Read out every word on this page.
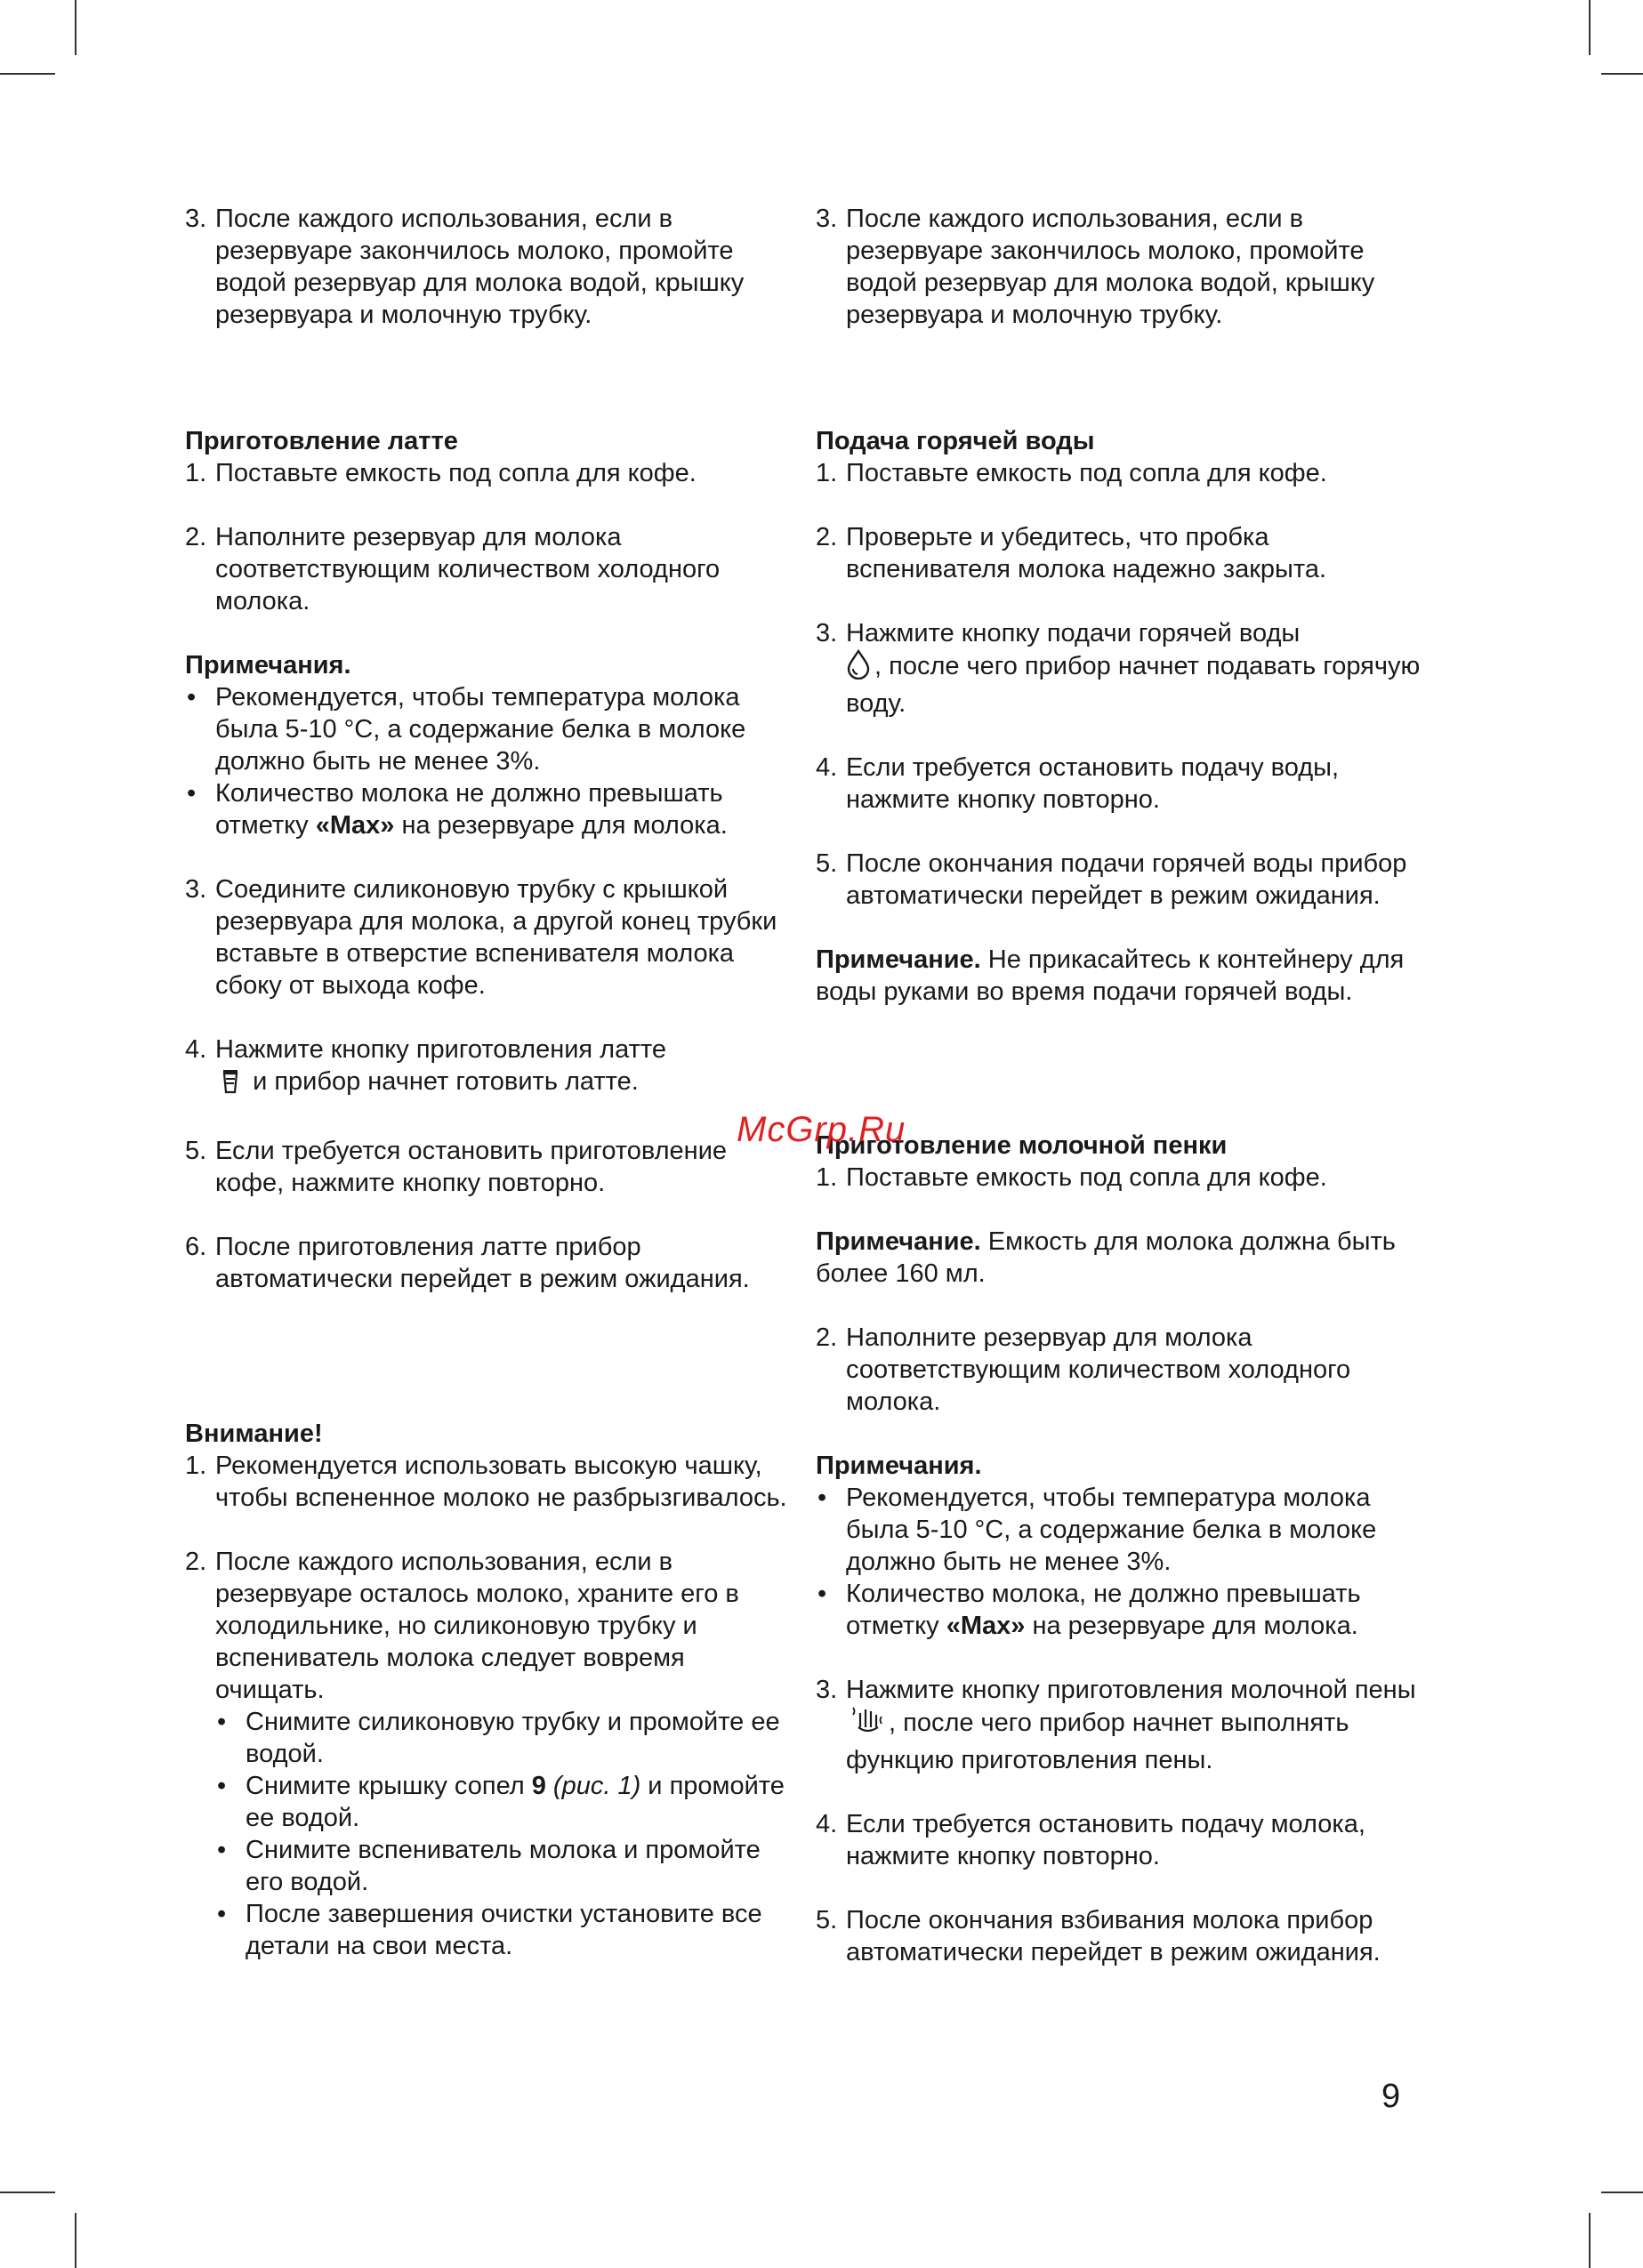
3. После каждого использования, если в резервуаре закончилось молоко, промойте водой резервуар для молока водой, крышку резервуара и молочную трубку.
Приготовление латте
1. Поставьте емкость под сопла для кофе.
2. Наполните резервуар для молока соответствующим количеством холодного молока.
Примечания.
• Рекомендуется, чтобы температура молока была 5-10 °С, а содержание белка в молоке должно быть не менее 3%.
• Количество молока не должно превышать отметку «Max» на резервуаре для молока.
3. Соедините силиконовую трубку с крышкой резервуара для молока, а другой конец трубки вставьте в отверстие вспенивателя молока сбоку от выхода кофе.
4. Нажмите кнопку приготовления латте
и прибор начнет готовить латте.
5. Если требуется остановить приготовление кофе, нажмите кнопку повторно.
6. После приготовления латте прибор автоматически перейдет в режим ожидания.
Внимание!
1. Рекомендуется использовать высокую чашку, чтобы вспененное молоко не разбрызгивалось.
2. После каждого использования, если в резервуаре осталось молоко, храните его в холодильнике, но силиконовую трубку и вспениватель молока следует вовремя очищать.
• Снимите силиконовую трубку и промойте ее водой.
• Снимите крышку сопел 9 (рис. 1) и промойте ее водой.
• Снимите вспениватель молока и промойте его водой.
• После завершения очистки установите все детали на свои места.
3. После каждого использования, если в резервуаре закончилось молоко, промойте водой резервуар для молока водой, крышку резервуара и молочную трубку.
Подача горячей воды
1. Поставьте емкость под сопла для кофе.
2. Проверьте и убедитесь, что пробка вспенивателя молока надежно закрыта.
3. Нажмите кнопку подачи горячей воды
, после чего прибор начнет подавать горячую воду.
4. Если требуется остановить подачу воды, нажмите кнопку повторно.
5. После окончания подачи горячей воды прибор автоматически перейдет в режим ожидания.
Примечание. Не прикасайтесь к контейнеру для воды руками во время подачи горячей воды.
Приготовление молочной пенки
1. Поставьте емкость под сопла для кофе.
Примечание. Емкость для молока должна быть более 160 мл.
2. Наполните резервуар для молока соответствующим количеством холодного молока.
Примечания.
• Рекомендуется, чтобы температура молока была 5-10 °С, а содержание белка в молоке должно быть не менее 3%.
• Количество молока, не должно превышать отметку «Max» на резервуаре для молока.
3. Нажмите кнопку приготовления молочной пены, после чего прибор начнет выполнять функцию приготовления пены.
4. Если требуется остановить подачу молока, нажмите кнопку повторно.
5. После окончания взбивания молока прибор автоматически перейдет в режим ожидания.
McGrp.Ru
9
